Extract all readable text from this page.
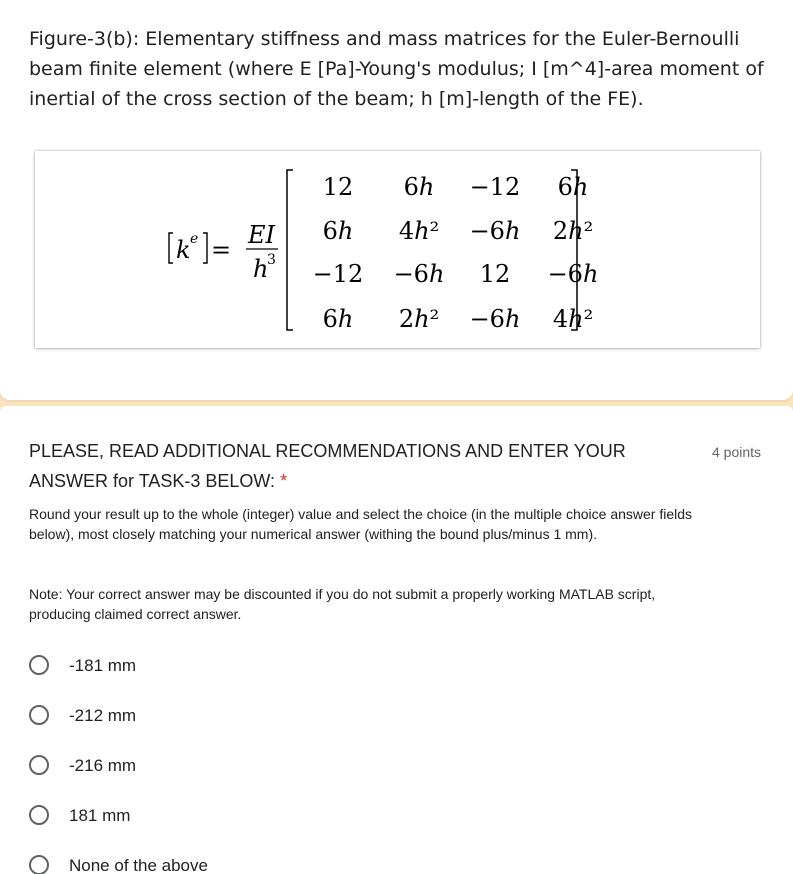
Figure-3(b): Elementary stiffness and mass matrices for the Euler-Bernoulli beam finite element (where E [Pa]-Young's modulus; I [m^4]-area moment of inertial of the cross section of the beam; h [m]-length of the FE).
k e =
EI
h
3
12 6h −12 6h
6h 4h² −6h 2h²
−12 −6h 12 −6h
6h 2h² −6h 4h²
PLEASE, READ ADDITIONAL RECOMMENDATIONS AND ENTER YOUR ANSWER for TASK-3 BELOW: *
4 points
Round your result up to the whole (integer) value and select the choice (in the multiple choice answer fields below), most closely matching your numerical answer (withing the bound plus/minus 1 mm).
Note: Your correct answer may be discounted if you do not submit a properly working MATLAB script, producing claimed correct answer.
-181 mm
-212 mm
-216 mm
181 mm
None of the above
